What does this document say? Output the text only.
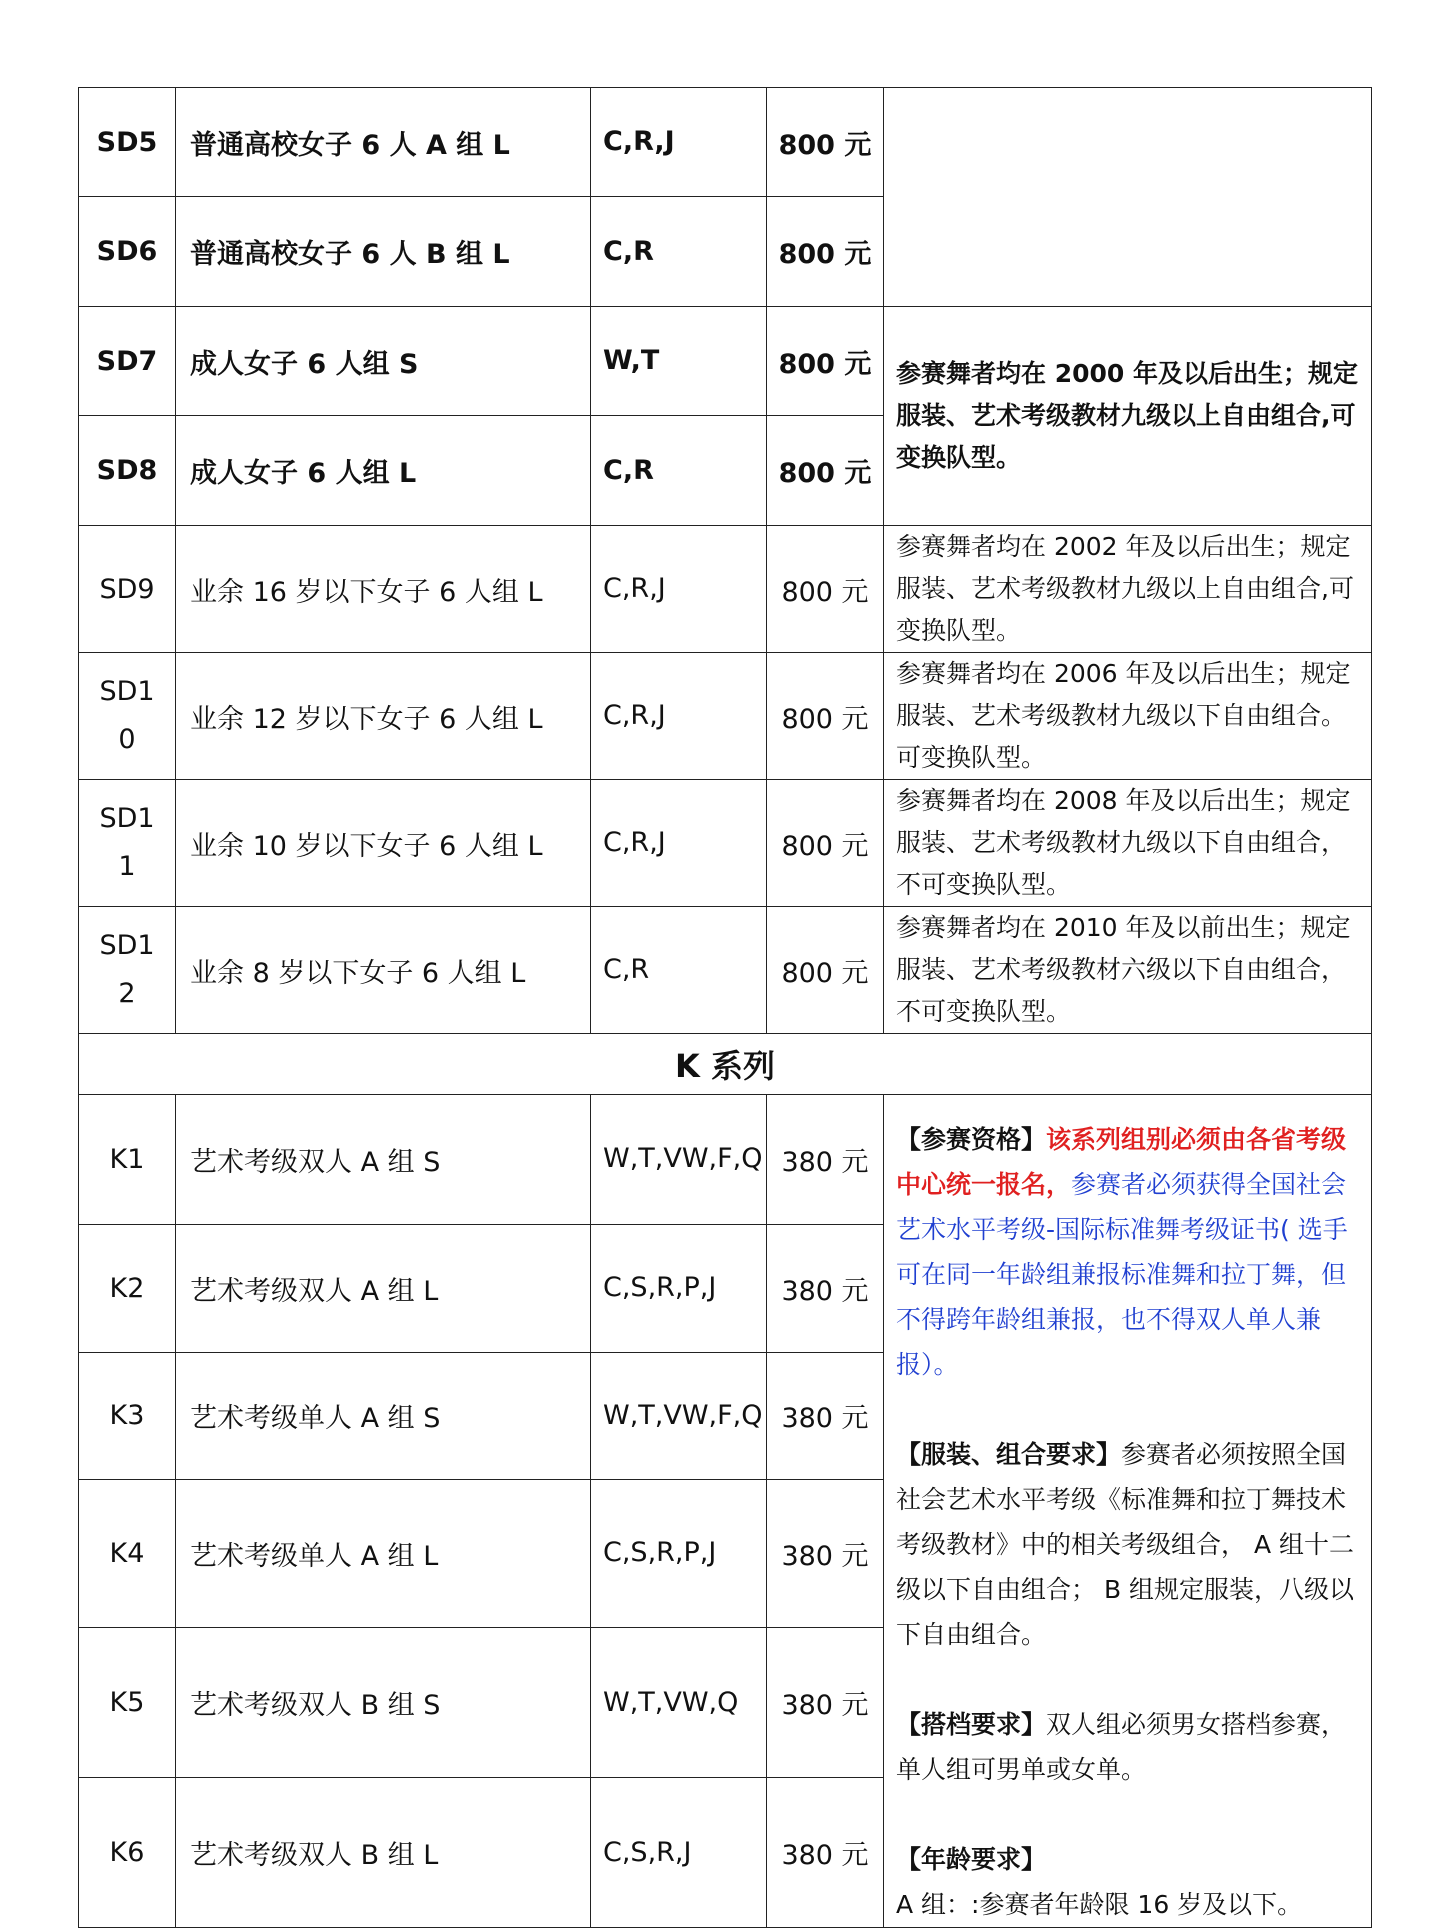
SD5	普通高校女子 6 人 A 组 L	C,R,J	800 元	
SD6	普通高校女子 6 人 B 组 L	C,R	800 元	
SD7	成人女子 6 人组 S	W,T	800 元	参赛舞者均在 2000 年及以后出生；规定服装、艺术考级教材九级以上自由组合,可变换队型。
SD8	成人女子 6 人组 L	C,R	800 元	
SD9	业余 16 岁以下女子 6 人组 L	C,R,J	800 元	参赛舞者均在 2002 年及以后出生；规定服装、艺术考级教材九级以上自由组合,可变换队型。
SD10	业余 12 岁以下女子 6 人组 L	C,R,J	800 元	参赛舞者均在 2006 年及以后出生；规定服装、艺术考级教材九级以下自由组合。可变换队型。
SD11	业余 10 岁以下女子 6 人组 L	C,R,J	800 元	参赛舞者均在 2008 年及以后出生；规定服装、艺术考级教材九级以下自由组合，不可变换队型。
SD12	业余 8 岁以下女子 6 人组 L	C,R	800 元	参赛舞者均在 2010 年及以前出生；规定服装、艺术考级教材六级以下自由组合，不可变换队型。
K 系列				
K1	艺术考级双人 A 组 S	W,T,VW,F,Q	380 元	【参赛资格】该系列组别必须由各省考级中心统一报名，参赛者必须获得全国社会艺术水平考级-国际标准舞考级证书( 选手可在同一年龄组兼报标准舞和拉丁舞，但不得跨年龄组兼报，也不得双人单人兼报）。
【服装、组合要求】参赛者必须按照全国社会艺术水平考级《标准舞和拉丁舞技术考级教材》中的相关考级组合， A 组十二级以下自由组合； B 组规定服装，八级以下自由组合。
【搭档要求】双人组必须男女搭档参赛，单人组可男单或女单。
【年龄要求】
A 组：:参赛者年龄限 16 岁及以下。

K2	艺术考级双人 A 组 L	C,S,R,P,J	380 元	
K3	艺术考级单人 A 组 S	W,T,VW,F,Q	380 元	
K4	艺术考级单人 A 组 L	C,S,R,P,J	380 元	
K5	艺术考级双人 B 组 S	W,T,VW,Q	380 元	
K6	艺术考级双人 B 组 L	C,S,R,J	380 元	
